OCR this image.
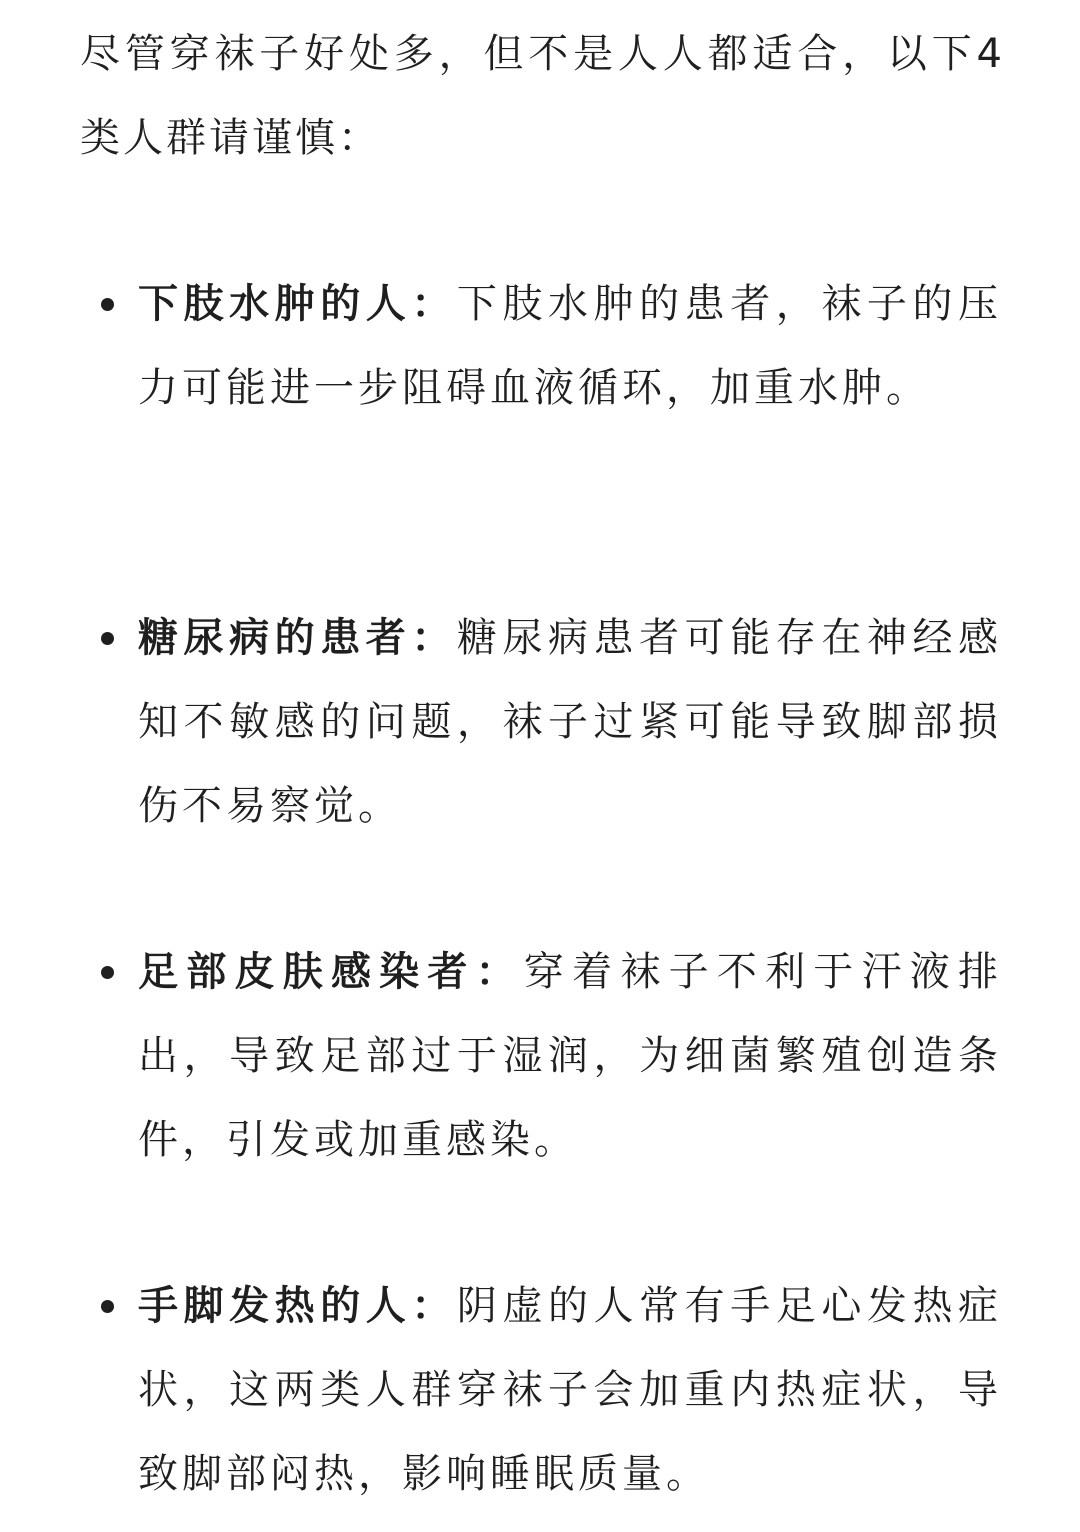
尽管穿袜子好处多，但不是人人都适合，以下4类人群请谨慎：

下肢水肿的人：下肢水肿的患者，袜子的压力可能进一步阻碍血液循环，加重水肿。

糖尿病的患者：糖尿病患者可能存在神经感知不敏感的问题，袜子过紧可能导致脚部损伤不易察觉。

足部皮肤感染者：穿着袜子不利于汗液排出，导致足部过于湿润，为细菌繁殖创造条件，引发或加重感染。

手脚发热的人：阴虚的人常有手足心发热症状，这两类人群穿袜子会加重内热症状，导致脚部闷热，影响睡眠质量。
